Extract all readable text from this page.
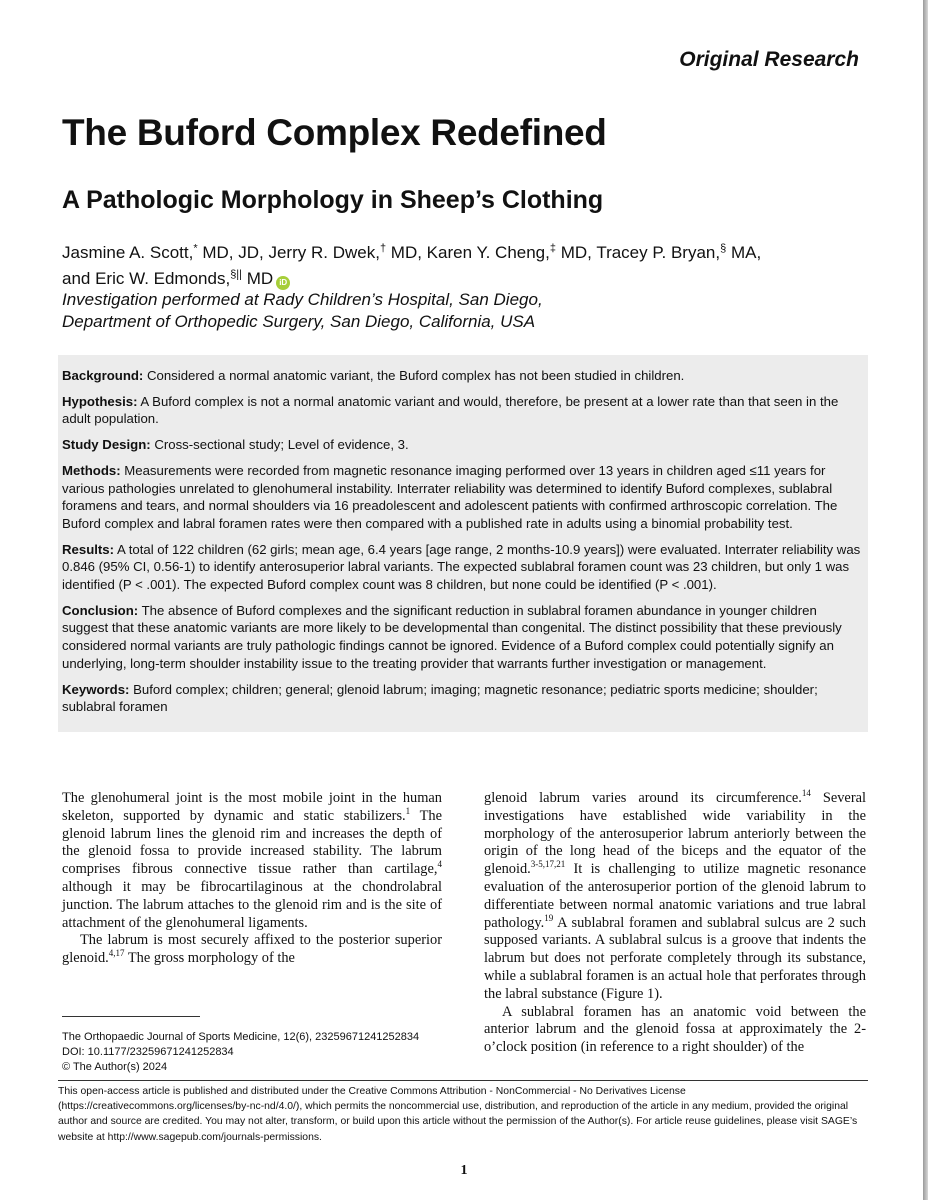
Original Research
The Buford Complex Redefined
A Pathologic Morphology in Sheep’s Clothing
Jasmine A. Scott,* MD, JD, Jerry R. Dwek,† MD, Karen Y. Cheng,‡ MD, Tracey P. Bryan,§ MA,
and Eric W. Edmonds,§|| MD iD
Investigation performed at Rady Children’s Hospital, San Diego,
Department of Orthopedic Surgery, San Diego, California, USA

Background: Considered a normal anatomic variant, the Buford complex has not been studied in children.

Hypothesis: A Buford complex is not a normal anatomic variant and would, therefore, be present at a lower rate than that seen in the adult population.

Study Design: Cross-sectional study; Level of evidence, 3.

Methods: Measurements were recorded from magnetic resonance imaging performed over 13 years in children aged ≤11 years for various pathologies unrelated to glenohumeral instability. Interrater reliability was determined to identify Buford complexes, sublabral foramens and tears, and normal shoulders via 16 preadolescent and adolescent patients with confirmed arthroscopic correlation. The Buford complex and labral foramen rates were then compared with a published rate in adults using a binomial probability test.

Results: A total of 122 children (62 girls; mean age, 6.4 years [age range, 2 months-10.9 years]) were evaluated. Interrater reliability was 0.846 (95% CI, 0.56-1) to identify anterosuperior labral variants. The expected sublabral foramen count was 23 children, but only 1 was identified (P < .001). The expected Buford complex count was 8 children, but none could be identified (P < .001).

Conclusion: The absence of Buford complexes and the significant reduction in sublabral foramen abundance in younger children suggest that these anatomic variants are more likely to be developmental than congenital. The distinct possibility that these previously considered normal variants are truly pathologic findings cannot be ignored. Evidence of a Buford complex could potentially signify an underlying, long-term shoulder instability issue to the treating provider that warrants further investigation or management.

Keywords: Buford complex; children; general; glenoid labrum; imaging; magnetic resonance; pediatric sports medicine; shoulder; sublabral foramen

The glenohumeral joint is the most mobile joint in the human skeleton, supported by dynamic and static stabilizers.$^1$ The glenoid labrum lines the glenoid rim and increases the depth of the glenoid fossa to provide increased stability. The labrum comprises fibrous connective tissue rather than cartilage,$^4$ although it may be fibrocartilaginous at the chondrolabral junction. The labrum attaches to the glenoid rim and is the site of attachment of the glenohumeral ligaments.

The labrum is most securely affixed to the posterior superior glenoid.$^{4,17}$ The gross morphology of the

glenoid labrum varies around its circumference.$^{14}$ Several investigations have established wide variability in the morphology of the anterosuperior labrum anteriorly between the origin of the long head of the biceps and the equator of the glenoid.$^{3-5,17,21}$ It is challenging to utilize magnetic resonance evaluation of the anterosuperior portion of the glenoid labrum to differentiate between normal anatomic variations and true labral pathology.$^{19}$ A sublabral foramen and sublabral sulcus are 2 such supposed variants. A sublabral sulcus is a groove that indents the labrum but does not perforate completely through its substance, while a sublabral foramen is an actual hole that perforates through the labral substance (Figure 1).

A sublabral foramen has an anatomic void between the anterior labrum and the glenoid fossa at approximately the 2-o’clock position (in reference to a right shoulder) of the

The Orthopaedic Journal of Sports Medicine, 12(6), 23259671241252834
DOI: 10.1177/23259671241252834
© The Author(s) 2024
This open-access article is published and distributed under the Creative Commons Attribution - NonCommercial - No Derivatives License (https://creativecommons.org/licenses/by-nc-nd/4.0/), which permits the noncommercial use, distribution, and reproduction of the article in any medium, provided the original author and source are credited. You may not alter, transform, or build upon this article without the permission of the Author(s). For article reuse guidelines, please visit SAGE’s website at http://www.sagepub.com/journals-permissions.
1
